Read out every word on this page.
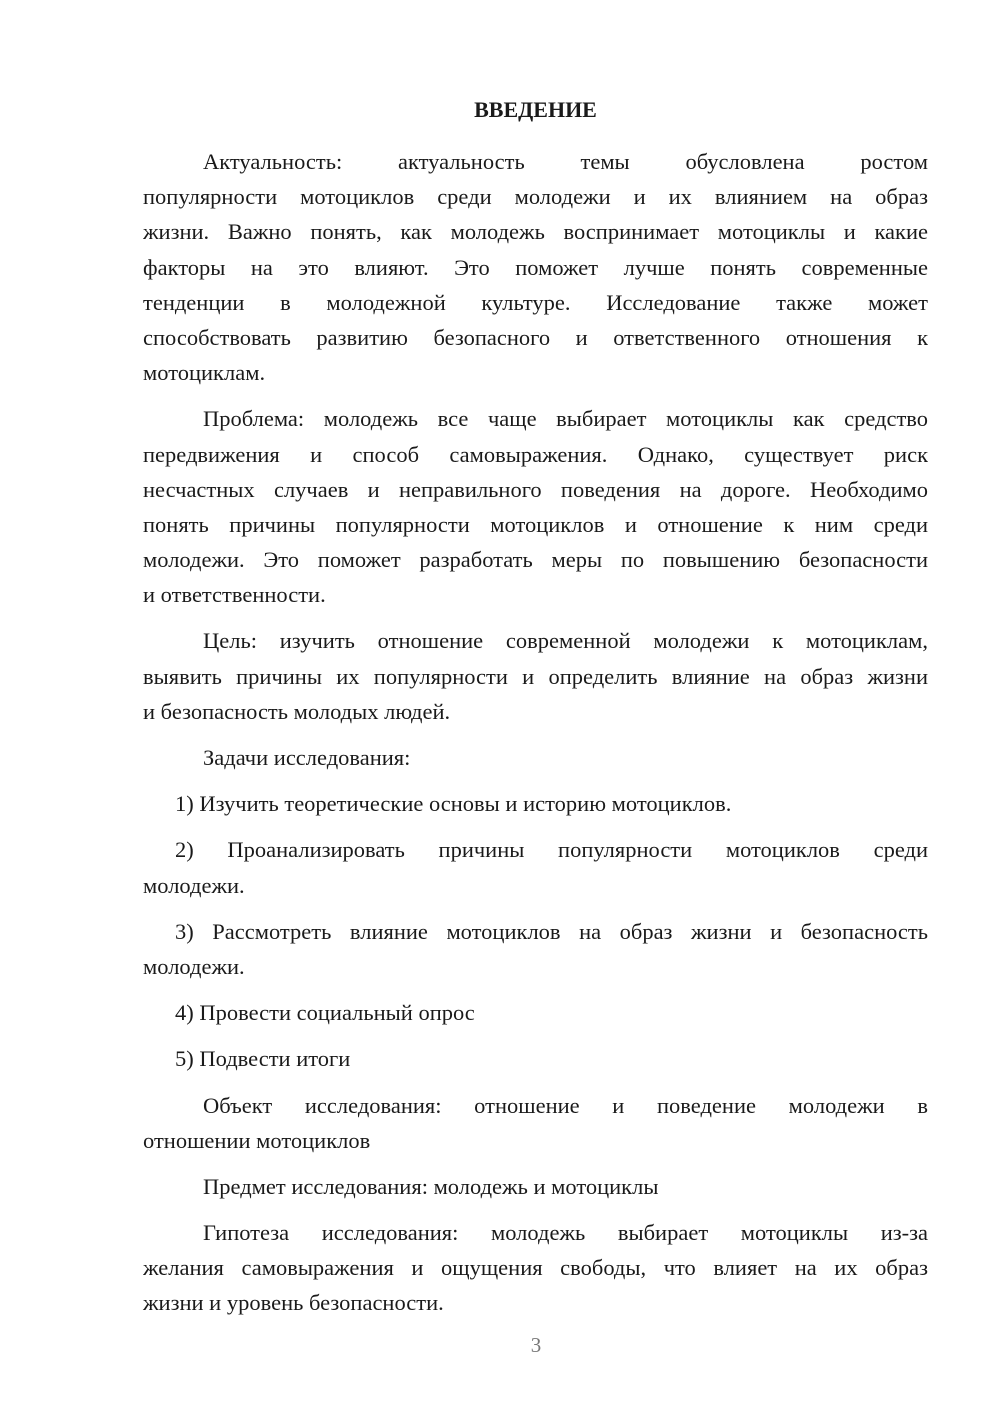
ВВЕДЕНИЕ
Актуальность: актуальность темы обусловлена ростом
популярности мотоциклов среди молодежи и их влиянием на образ
жизни. Важно понять, как молодежь воспринимает мотоциклы и какие
факторы на это влияют. Это поможет лучше понять современные
тенденции в молодежной культуре. Исследование также может
способствовать развитию безопасного и ответственного отношения к
мотоциклам.
Проблема: молодежь все чаще выбирает мотоциклы как средство
передвижения и способ самовыражения. Однако, существует риск
несчастных случаев и неправильного поведения на дороге. Необходимо
понять причины популярности мотоциклов и отношение к ним среди
молодежи. Это поможет разработать меры по повышению безопасности
и ответственности.
Цель: изучить отношение современной молодежи к мотоциклам,
выявить причины их популярности и определить влияние на образ жизни
и безопасность молодых людей.
Задачи исследования:
1) Изучить теоретические основы и историю мотоциклов.
2) Проанализировать причины популярности мотоциклов среди
молодежи.
3) Рассмотреть влияние мотоциклов на образ жизни и безопасность
молодежи.
4) Провести социальный опрос
5) Подвести итоги
Объект исследования: отношение и поведение молодежи в
отношении мотоциклов
Предмет исследования: молодежь и мотоциклы
Гипотеза исследования: молодежь выбирает мотоциклы из-за
желания самовыражения и ощущения свободы, что влияет на их образ
жизни и уровень безопасности.
3
